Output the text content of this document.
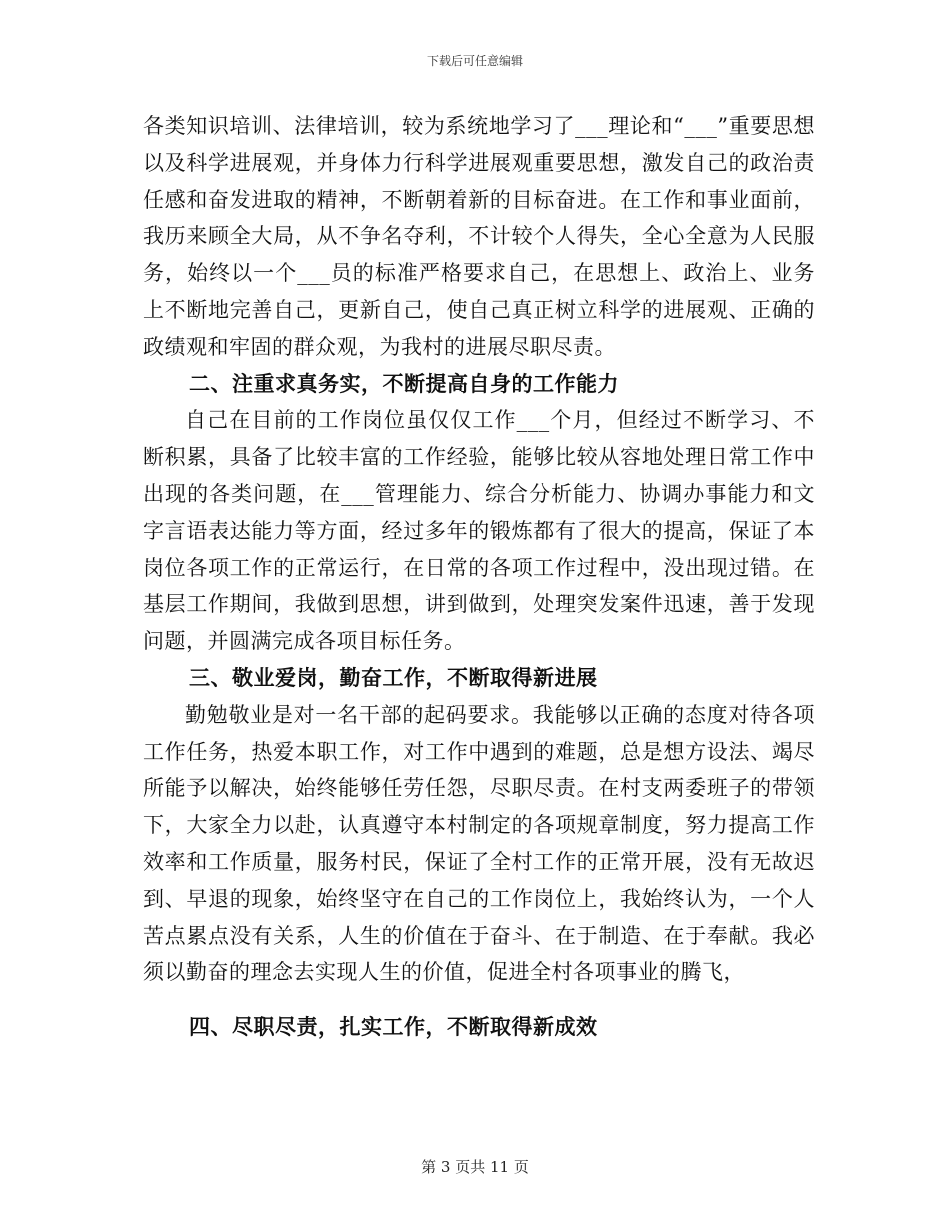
下载后可任意编辑

各类知识培训、法律培训，较为系统地学习了___理论和“___”重要思想以及科学进展观，并身体力行科学进展观重要思想，激发自己的政治责任感和奋发进取的精神，不断朝着新的目标奋进。在工作和事业面前，我历来顾全大局，从不争名夺利，不计较个人得失，全心全意为人民服务，始终以一个___员的标准严格要求自己，在思想上、政治上、业务上不断地完善自己，更新自己，使自己真正树立科学的进展观、正确的政绩观和牢固的群众观，为我村的进展尽职尽责。

二、注重求真务实，不断提高自身的工作能力

自己在目前的工作岗位虽仅仅工作___个月，但经过不断学习、不断积累，具备了比较丰富的工作经验，能够比较从容地处理日常工作中出现的各类问题，在___管理能力、综合分析能力、协调办事能力和文字言语表达能力等方面，经过多年的锻炼都有了很大的提高，保证了本岗位各项工作的正常运行，在日常的各项工作过程中，没出现过错。在基层工作期间，我做到思想，讲到做到，处理突发案件迅速，善于发现问题，并圆满完成各项目标任务。

三、敬业爱岗，勤奋工作，不断取得新进展

勤勉敬业是对一名干部的起码要求。我能够以正确的态度对待各项工作任务，热爱本职工作，对工作中遇到的难题，总是想方设法、竭尽所能予以解决，始终能够任劳任怨，尽职尽责。在村支两委班子的带领下，大家全力以赴，认真遵守本村制定的各项规章制度，努力提高工作效率和工作质量，服务村民，保证了全村工作的正常开展，没有无故迟到、早退的现象，始终坚守在自己的工作岗位上，我始终认为，一个人苦点累点没有关系，人生的价值在于奋斗、在于制造、在于奉献。我必须以勤奋的理念去实现人生的价值，促进全村各项事业的腾飞，

四、尽职尽责，扎实工作，不断取得新成效

第 3 页共 11 页
